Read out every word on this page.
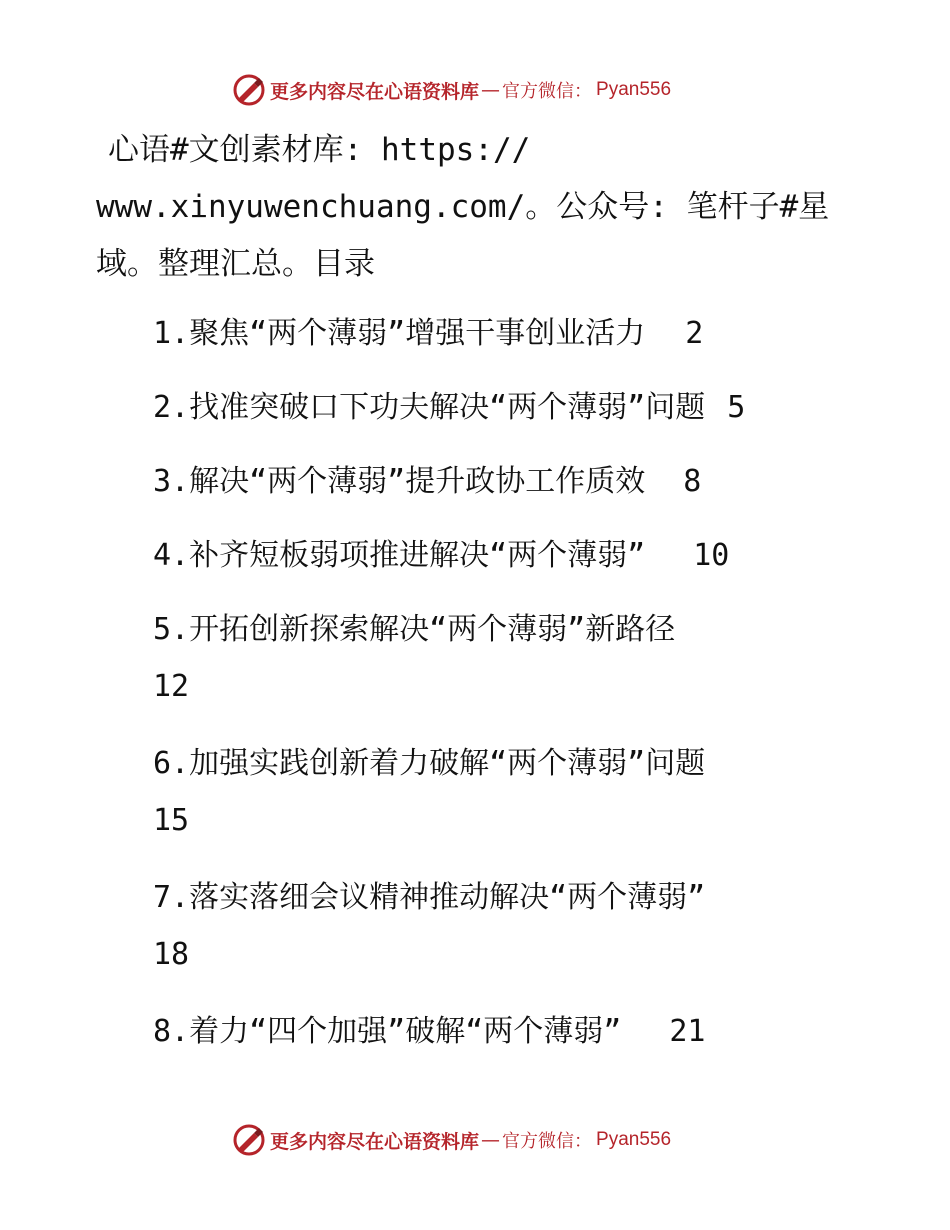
更多内容尽在心语资料库 — 官方微信： Pyan556
心语#文创素材库: https://
www.xinyuwenchuang.com/。公众号: 笔杆子#星
域。整理汇总。目录
1.聚焦“两个薄弱”增强干事创业活力 2
2.找准突破口下功夫解决“两个薄弱”问题 5
3.解决“两个薄弱”提升政协工作质效 8
4.补齐短板弱项推进解决“两个薄弱” 10
5.开拓创新探索解决“两个薄弱”新路径
12
6.加强实践创新着力破解“两个薄弱”问题
15
7.落实落细会议精神推动解决“两个薄弱”
18
8.着力“四个加强”破解“两个薄弱” 21
更多内容尽在心语资料库 — 官方微信： Pyan556
